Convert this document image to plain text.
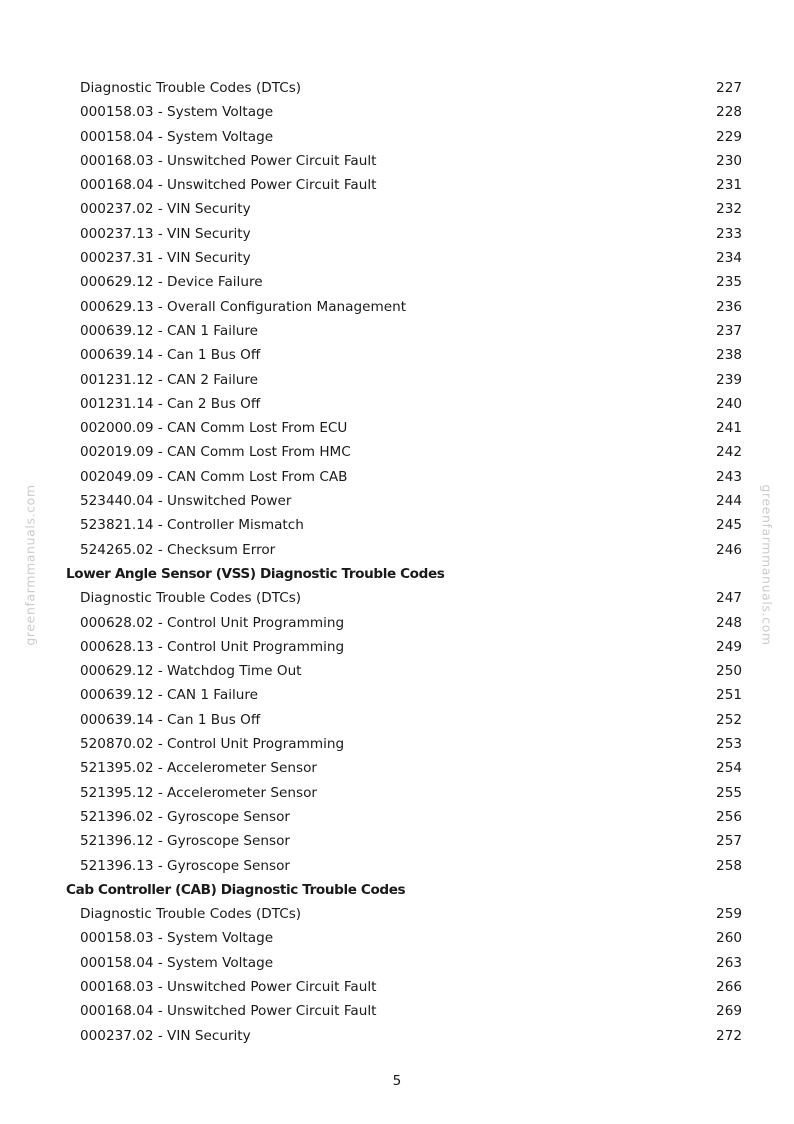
greenfarmmanuals.com	greenfarmmanuals.com
Diagnostic Trouble Codes (DTCs)	227
000158.03 - System Voltage	228
000158.04 - System Voltage	229
000168.03 - Unswitched Power Circuit Fault	230
000168.04 - Unswitched Power Circuit Fault	231
000237.02 - VIN Security	232
000237.13 - VIN Security	233
000237.31 - VIN Security	234
000629.12 - Device Failure	235
000629.13 - Overall Configuration Management	236
000639.12 - CAN 1 Failure	237
000639.14 - Can 1 Bus Off	238
001231.12 - CAN 2 Failure	239
001231.14 - Can 2 Bus Off	240
002000.09 - CAN Comm Lost From ECU	241
002019.09 - CAN Comm Lost From HMC	242
002049.09 - CAN Comm Lost From CAB	243
523440.04 - Unswitched Power	244
523821.14 - Controller Mismatch	245
524265.02 - Checksum Error	246
Lower Angle Sensor (VSS) Diagnostic Trouble Codes
Diagnostic Trouble Codes (DTCs)	247
000628.02 - Control Unit Programming	248
000628.13 - Control Unit Programming	249
000629.12 - Watchdog Time Out	250
000639.12 - CAN 1 Failure	251
000639.14 - Can 1 Bus Off	252
520870.02 - Control Unit Programming	253
521395.02 - Accelerometer Sensor	254
521395.12 - Accelerometer Sensor	255
521396.02 - Gyroscope Sensor	256
521396.12 - Gyroscope Sensor	257
521396.13 - Gyroscope Sensor	258
Cab Controller (CAB) Diagnostic Trouble Codes
Diagnostic Trouble Codes (DTCs)	259
000158.03 - System Voltage	260
000158.04 - System Voltage	263
000168.03 - Unswitched Power Circuit Fault	266
000168.04 - Unswitched Power Circuit Fault	269
000237.02 - VIN Security	272
5
